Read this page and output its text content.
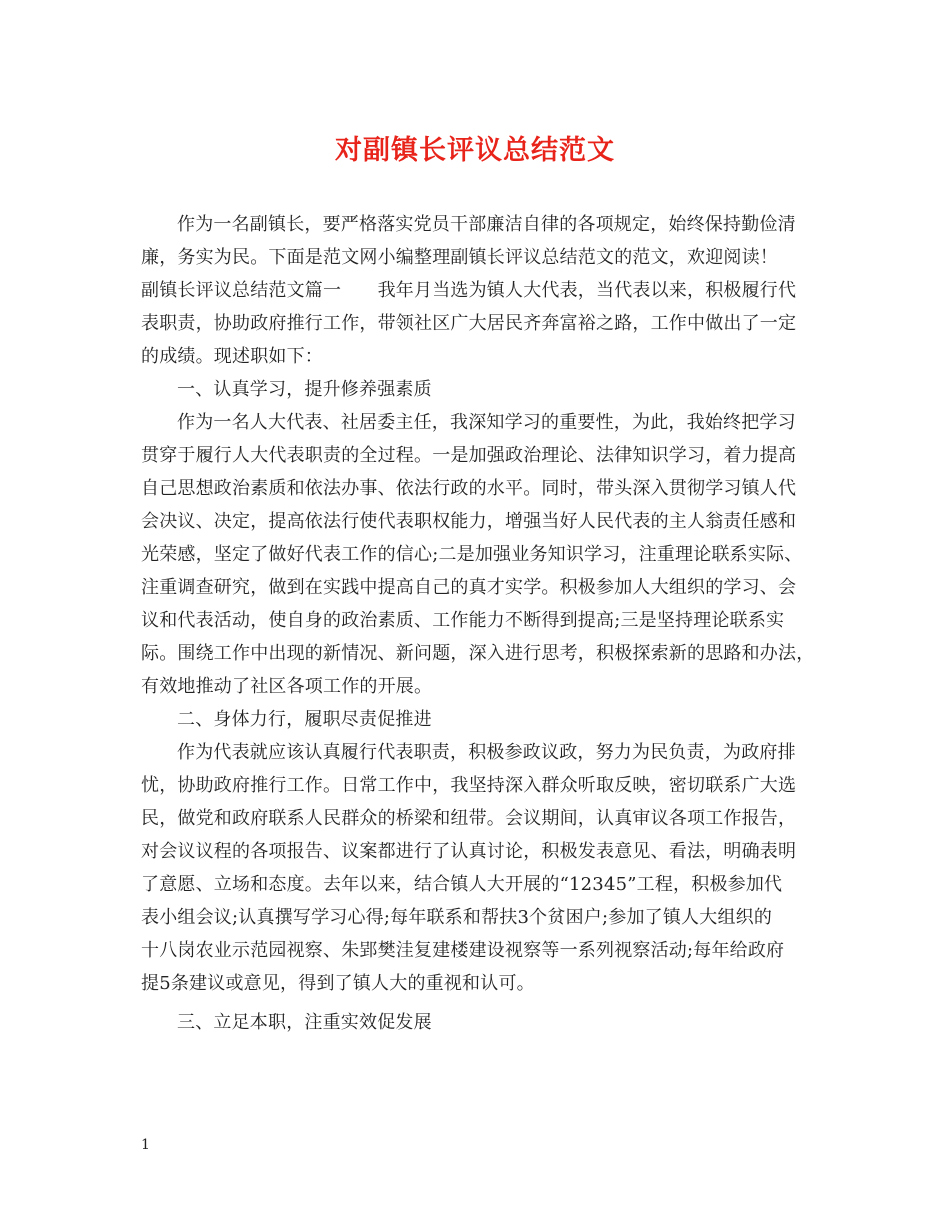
对副镇长评议总结范文
作为一名副镇长，要严格落实党员干部廉洁自律的各项规定，始终保持勤俭清
廉，务实为民。下面是范文网小编整理副镇长评议总结范文的范文，欢迎阅读！
副镇长评议总结范文篇一　　我年月当选为镇人大代表，当代表以来，积极履行代
表职责，协助政府推行工作，带领社区广大居民齐奔富裕之路，工作中做出了一定
的成绩。现述职如下：
一、认真学习，提升修养强素质
作为一名人大代表、社居委主任，我深知学习的重要性，为此，我始终把学习
贯穿于履行人大代表职责的全过程。一是加强政治理论、法律知识学习，着力提高
自己思想政治素质和依法办事、依法行政的水平。同时，带头深入贯彻学习镇人代
会决议、决定，提高依法行使代表职权能力，增强当好人民代表的主人翁责任感和
光荣感，坚定了做好代表工作的信心;二是加强业务知识学习，注重理论联系实际、
注重调查研究，做到在实践中提高自己的真才实学。积极参加人大组织的学习、会
议和代表活动，使自身的政治素质、工作能力不断得到提高;三是坚持理论联系实
际。围绕工作中出现的新情况、新问题，深入进行思考，积极探索新的思路和办法，
有效地推动了社区各项工作的开展。
二、身体力行，履职尽责促推进
作为代表就应该认真履行代表职责，积极参政议政，努力为民负责，为政府排
忧，协助政府推行工作。日常工作中，我坚持深入群众听取反映，密切联系广大选
民，做党和政府联系人民群众的桥梁和纽带。会议期间，认真审议各项工作报告，
对会议议程的各项报告、议案都进行了认真讨论，积极发表意见、看法，明确表明
了意愿、立场和态度。去年以来，结合镇人大开展的“12345”工程，积极参加代
表小组会议;认真撰写学习心得;每年联系和帮扶3个贫困户;参加了镇人大组织的
十八岗农业示范园视察、朱郢樊洼复建楼建设视察等一系列视察活动;每年给政府
提5条建议或意见，得到了镇人大的重视和认可。
三、立足本职，注重实效促发展
1
